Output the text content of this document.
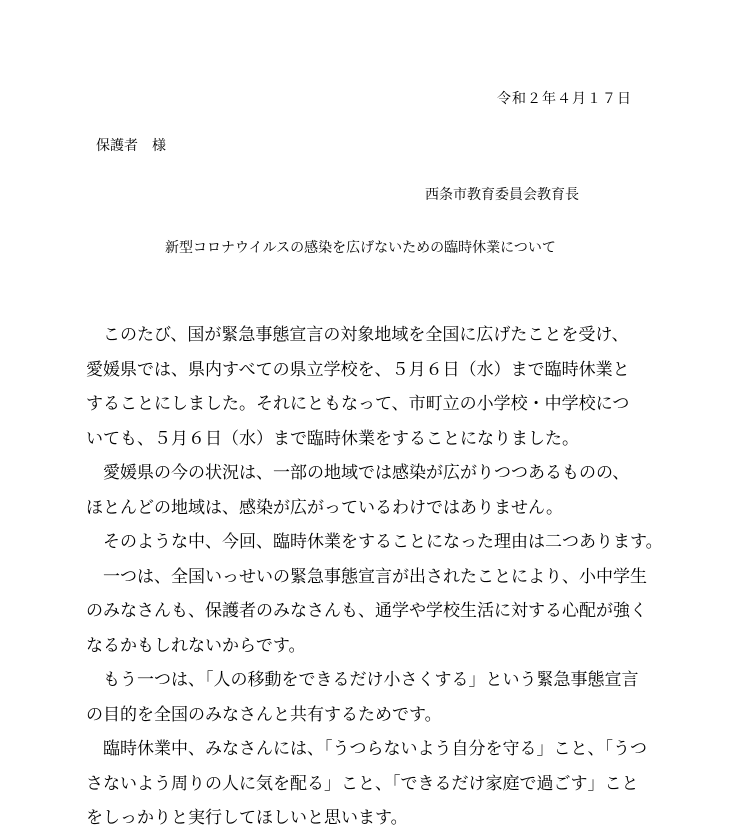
令和２年４月１７日
保護者　様
西条市教育委員会教育長
新型コロナウイルスの感染を広げないための臨時休業について
　このたび、国が緊急事態宣言の対象地域を全国に広げたことを受け、
愛媛県では、県内すべての県立学校を、５月６日（水）まで臨時休業と
することにしました。それにともなって、市町立の小学校・中学校につ
いても、５月６日（水）まで臨時休業をすることになりました。
　愛媛県の今の状況は、一部の地域では感染が広がりつつあるものの、
ほとんどの地域は、感染が広がっているわけではありません。
　そのような中、今回、臨時休業をすることになった理由は二つあります。
　一つは、全国いっせいの緊急事態宣言が出されたことにより、小中学生
のみなさんも、保護者のみなさんも、通学や学校生活に対する心配が強く
なるかもしれないからです。
　もう一つは、「人の移動をできるだけ小さくする」という緊急事態宣言
の目的を全国のみなさんと共有するためです。
　臨時休業中、みなさんには、「うつらないよう自分を守る」こと、「うつ
さないよう周りの人に気を配る」こと、「できるだけ家庭で過ごす」こと
をしっかりと実行してほしいと思います。
